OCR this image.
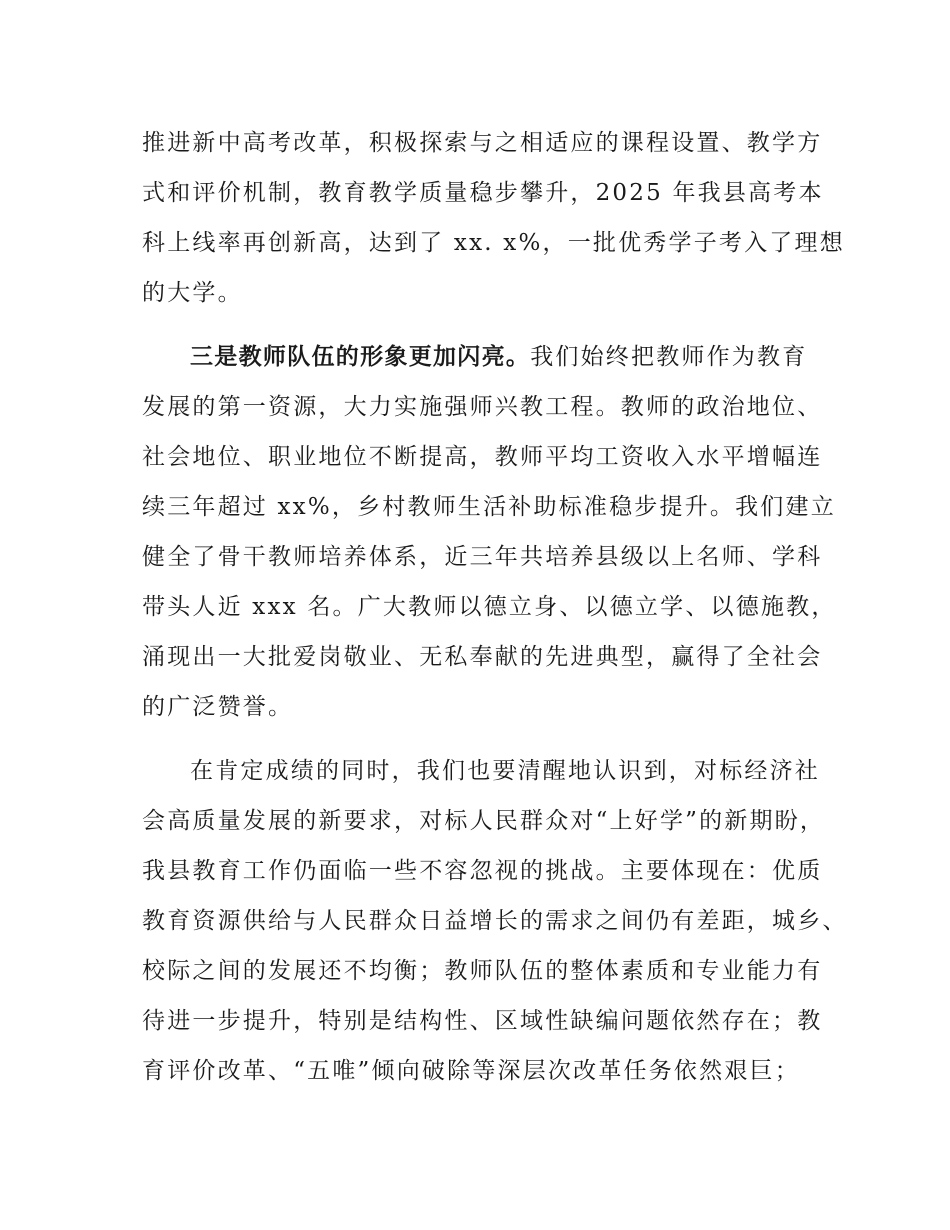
推进新中高考改革，积极探索与之相适应的课程设置、教学方
式和评价机制，教育教学质量稳步攀升，2025 年我县高考本
科上线率再创新高，达到了 xx. x%，一批优秀学子考入了理想
的大学。
三是教师队伍的形象更加闪亮。我们始终把教师作为教育
发展的第一资源，大力实施强师兴教工程。教师的政治地位、
社会地位、职业地位不断提高，教师平均工资收入水平增幅连
续三年超过 xx%，乡村教师生活补助标准稳步提升。我们建立
健全了骨干教师培养体系，近三年共培养县级以上名师、学科
带头人近 xxx 名。广大教师以德立身、以德立学、以德施教，
涌现出一大批爱岗敬业、无私奉献的先进典型，赢得了全社会
的广泛赞誉。
在肯定成绩的同时，我们也要清醒地认识到，对标经济社
会高质量发展的新要求，对标人民群众对“上好学”的新期盼，
我县教育工作仍面临一些不容忽视的挑战。主要体现在：优质
教育资源供给与人民群众日益增长的需求之间仍有差距，城乡、
校际之间的发展还不均衡；教师队伍的整体素质和专业能力有
待进一步提升，特别是结构性、区域性缺编问题依然存在；教
育评价改革、“五唯”倾向破除等深层次改革任务依然艰巨；
